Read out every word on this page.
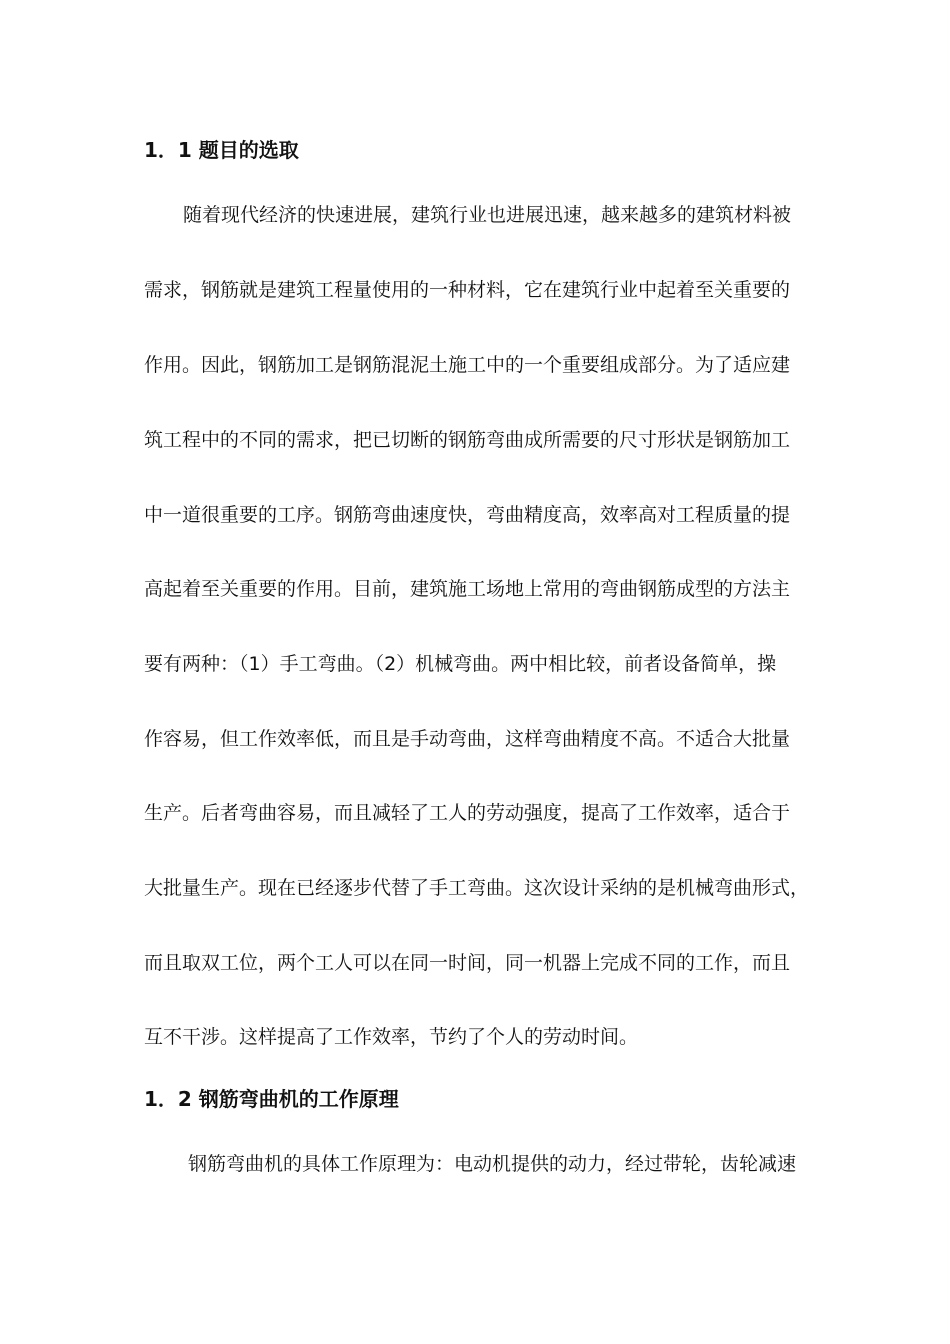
1．1 题目的选取
随着现代经济的快速进展，建筑行业也进展迅速，越来越多的建筑材料被
需求，钢筋就是建筑工程量使用的一种材料，它在建筑行业中起着至关重要的
作用。因此，钢筋加工是钢筋混泥土施工中的一个重要组成部分。为了适应建
筑工程中的不同的需求，把已切断的钢筋弯曲成所需要的尺寸形状是钢筋加工
中一道很重要的工序。钢筋弯曲速度快，弯曲精度高，效率高对工程质量的提
高起着至关重要的作用。目前，建筑施工场地上常用的弯曲钢筋成型的方法主
要有两种：（1）手工弯曲。（2）机械弯曲。两中相比较，前者设备简单，操
作容易，但工作效率低，而且是手动弯曲，这样弯曲精度不高。不适合大批量
生产。后者弯曲容易，而且减轻了工人的劳动强度，提高了工作效率，适合于
大批量生产。现在已经逐步代替了手工弯曲。这次设计采纳的是机械弯曲形式，
而且取双工位，两个工人可以在同一时间，同一机器上完成不同的工作，而且
互不干涉。这样提高了工作效率，节约了个人的劳动时间。
1．2 钢筋弯曲机的工作原理
钢筋弯曲机的具体工作原理为：电动机提供的动力，经过带轮，齿轮减速
